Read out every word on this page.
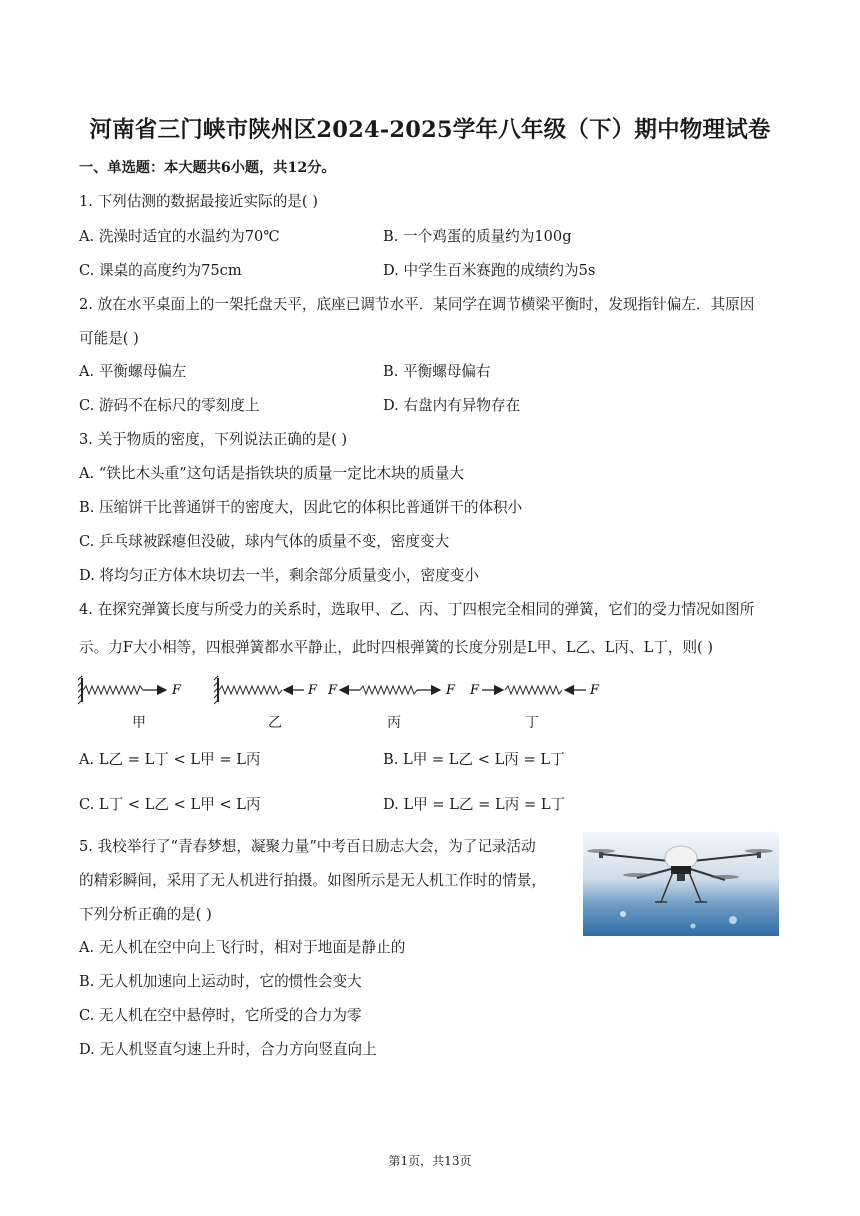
河南省三门峡市陕州区2024-2025学年八年级（下）期中物理试卷
一、单选题：本大题共6小题，共12分。
1. 下列估测的数据最接近实际的是( )
A. 洗澡时适宜的水温约为70℃	B. 一个鸡蛋的质量约为100g
C. 课桌的高度约为75cm	D. 中学生百米赛跑的成绩约为5s
2. 放在水平桌面上的一架托盘天平，底座已调节水平．某同学在调节横梁平衡时，发现指针偏左．其原因
可能是( )
A. 平衡螺母偏左	B. 平衡螺母偏右
C. 游码不在标尺的零刻度上	D. 右盘内有异物存在
3. 关于物质的密度，下列说法正确的是( )
A. “铁比木头重”这句话是指铁块的质量一定比木块的质量大
B. 压缩饼干比普通饼干的密度大，因此它的体积比普通饼干的体积小
C. 乒乓球被踩瘪但没破，球内气体的质量不变，密度变大
D. 将均匀正方体木块切去一半，剩余部分质量变小，密度变小
4. 在探究弹簧长度与所受力的关系时，选取甲、乙、丙、丁四根完全相同的弹簧，它们的受力情况如图所
示。力F大小相等，四根弹簧都水平静止，此时四根弹簧的长度分别是L甲、L乙、L丙、L丁，则( )
F	F F	F F	F
甲	乙	丙	丁
A. L乙 = L丁 < L甲 = L丙	B. L甲 = L乙 < L丙 = L丁
C. L丁 < L乙 < L甲 < L丙	D. L甲 = L乙 = L丙 = L丁
5. 我校举行了“青春梦想，凝聚力量”中考百日励志大会，为了记录活动
的精彩瞬间，采用了无人机进行拍摄。如图所示是无人机工作时的情景，
下列分析正确的是( )
A. 无人机在空中向上飞行时，相对于地面是静止的
B. 无人机加速向上运动时，它的惯性会变大
C. 无人机在空中悬停时，它所受的合力为零
D. 无人机竖直匀速上升时，合力方向竖直向上
第1页，共13页
